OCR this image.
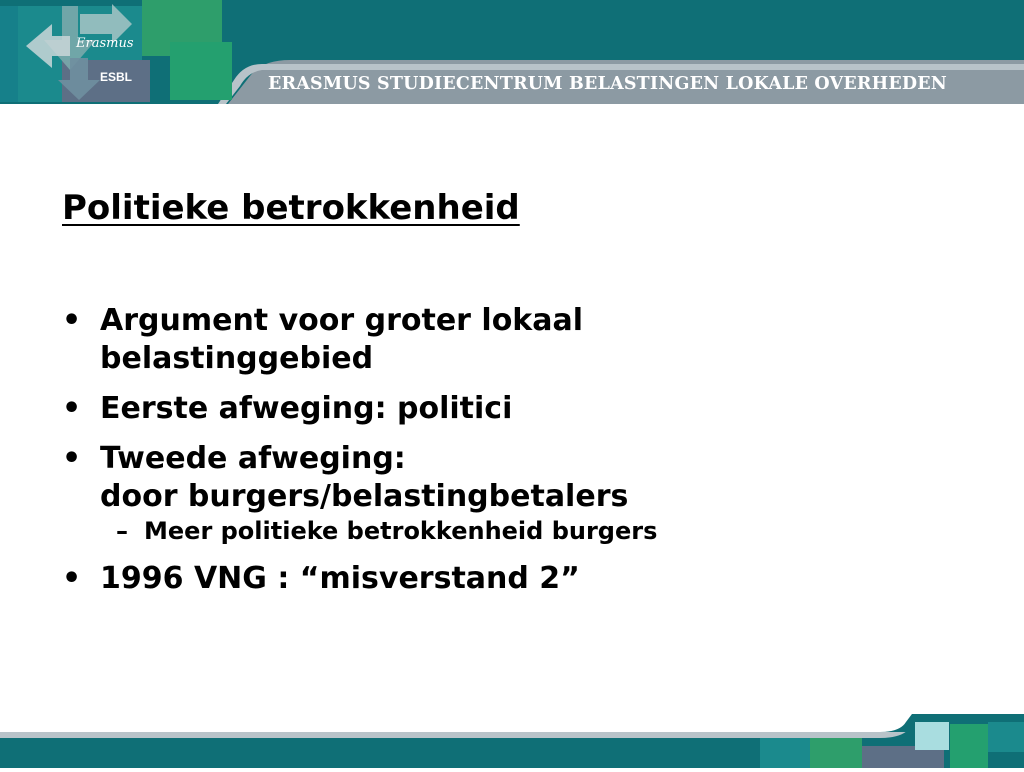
Erasmus
ESBL	ERASMUS STUDIECENTRUM BELASTINGEN LOKALE OVERHEDEN
Politieke betrokkenheid
• Argument voor groter lokaal
belastinggebied
• Eerste afweging: politici
• Tweede afweging:
door burgers/belastingbetalers
– Meer politieke betrokkenheid burgers
• 1996 VNG : “misverstand 2”
